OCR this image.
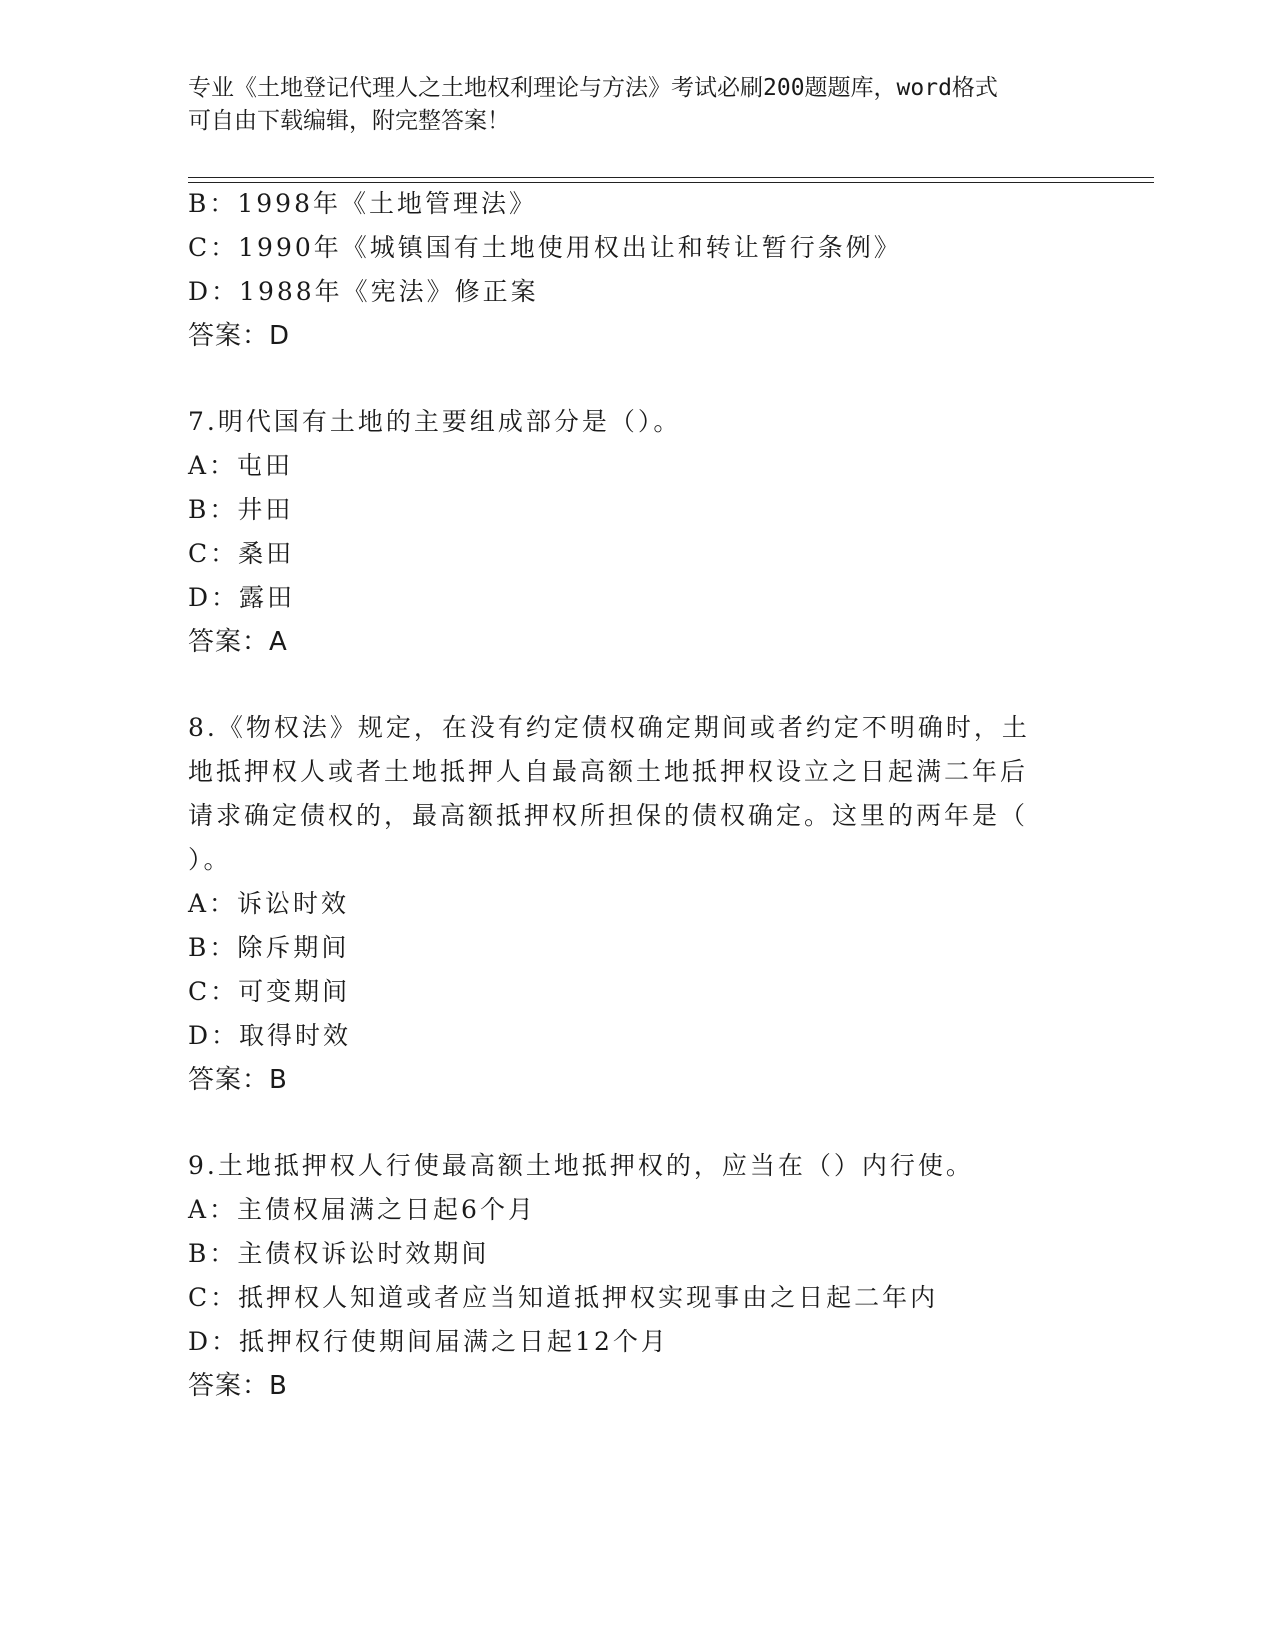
专业《土地登记代理人之土地权利理论与方法》考试必刷200题题库，word格式
可自由下载编辑，附完整答案！
B：1998年《土地管理法》
C：1990年《城镇国有土地使用权出让和转让暂行条例》
D：1988年《宪法》修正案
答案：D
7.明代国有土地的主要组成部分是（）。
A：屯田
B：井田
C：桑田
D：露田
答案：A
8.《物权法》规定，在没有约定债权确定期间或者约定不明确时，土
地抵押权人或者土地抵押人自最高额土地抵押权设立之日起满二年后
请求确定债权的，最高额抵押权所担保的债权确定。这里的两年是（
）。
A：诉讼时效
B：除斥期间
C：可变期间
D：取得时效
答案：B
9.土地抵押权人行使最高额土地抵押权的，应当在（）内行使。
A：主债权届满之日起6个月
B：主债权诉讼时效期间
C：抵押权人知道或者应当知道抵押权实现事由之日起二年内
D：抵押权行使期间届满之日起12个月
答案：B
